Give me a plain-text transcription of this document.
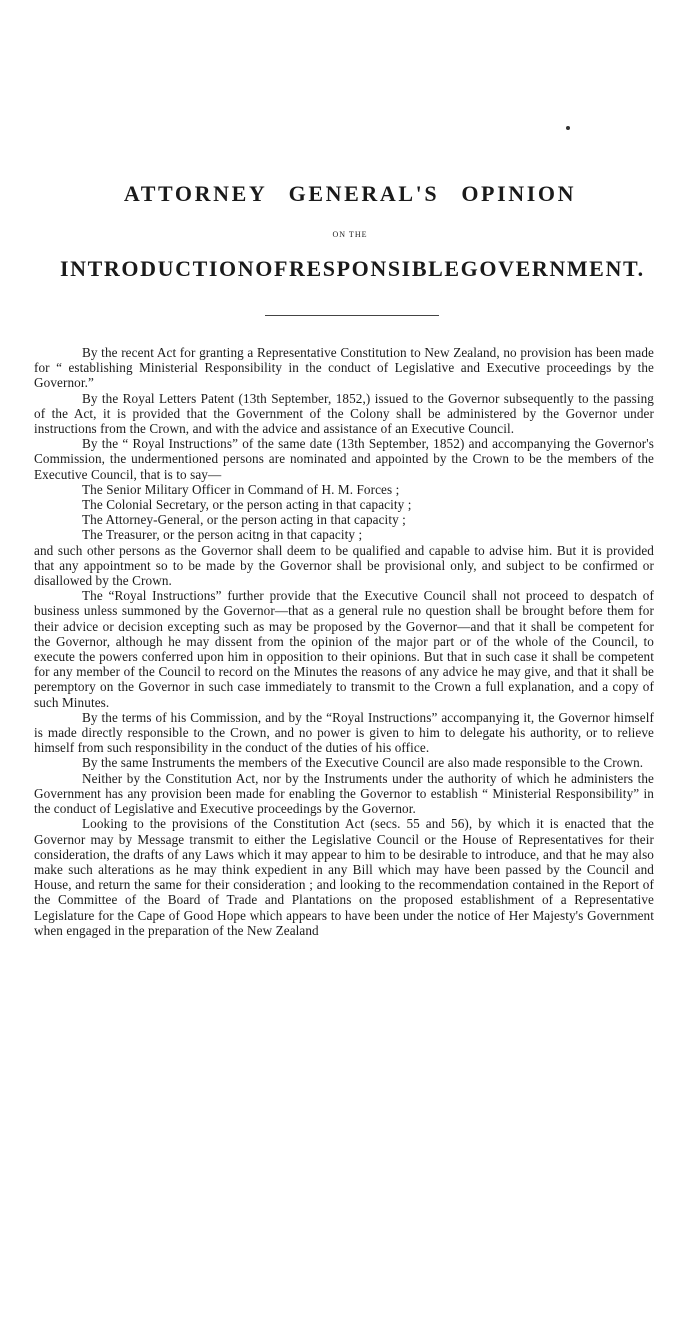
ATTORNEY GENERAL'S OPINION
ON THE
INTRODUCTION OF RESPONSIBLE GOVERNMENT.

By the recent Act for granting a Representative Constitution to New Zealand, no provision has been made for “ establishing Ministerial Responsibility in the conduct of Legislative and Executive proceedings by the Governor.”

By the Royal Letters Patent (13th September, 1852,) issued to the Governor subsequently to the passing of the Act, it is provided that the Government of the Colony shall be administered by the Governor under instructions from the Crown, and with the advice and assistance of an Executive Council.

By the “ Royal Instructions” of the same date (13th September, 1852) and accompanying the Governor's Commission, the undermentioned persons are nominated and appointed by the Crown to be the members of the Executive Council, that is to say—

The Senior Military Officer in Command of H. M. Forces ;

The Colonial Secretary, or the person acting in that capacity ;

The Attorney-General, or the person acting in that capacity ;

The Treasurer, or the person acitng in that capacity ;

and such other persons as the Governor shall deem to be qualified and capable to advise him. But it is provided that any appointment so to be made by the Governor shall be provisional only, and subject to be confirmed or disallowed by the Crown.

The “Royal Instructions” further provide that the Executive Council shall not proceed to despatch of business unless summoned by the Governor—that as a general rule no question shall be brought before them for their advice or decision excepting such as may be proposed by the Governor—and that it shall be competent for the Governor, although he may dissent from the opinion of the major part or of the whole of the Council, to execute the powers conferred upon him in opposition to their opinions. But that in such case it shall be competent for any member of the Council to record on the Minutes the reasons of any advice he may give, and that it shall be peremptory on the Governor in such case immediately to transmit to the Crown a full explanation, and a copy of such Minutes.

By the terms of his Commission, and by the “Royal Instructions” accompanying it, the Governor himself is made directly responsible to the Crown, and no power is given to him to delegate his authority, or to relieve himself from such responsibility in the conduct of the duties of his office.

By the same Instruments the members of the Executive Council are also made responsible to the Crown.

Neither by the Constitution Act, nor by the Instruments under the authority of which he administers the Government has any provision been made for enabling the Governor to establish “ Ministerial Responsibility” in the conduct of Legislative and Executive proceedings by the Governor.

Looking to the provisions of the Constitution Act (secs. 55 and 56), by which it is enacted that the Governor may by Message transmit to either the Legislative Council or the House of Representatives for their consideration, the drafts of any Laws which it may appear to him to be desirable to introduce, and that he may also make such alterations as he may think expedient in any Bill which may have been passed by the Council and House, and return the same for their consideration ; and looking to the recommendation contained in the Report of the Committee of the Board of Trade and Plantations on the proposed establishment of a Representative Legislature for the Cape of Good Hope which appears to have been under the notice of Her Majesty's Government when engaged in the preparation of the New Zealand
